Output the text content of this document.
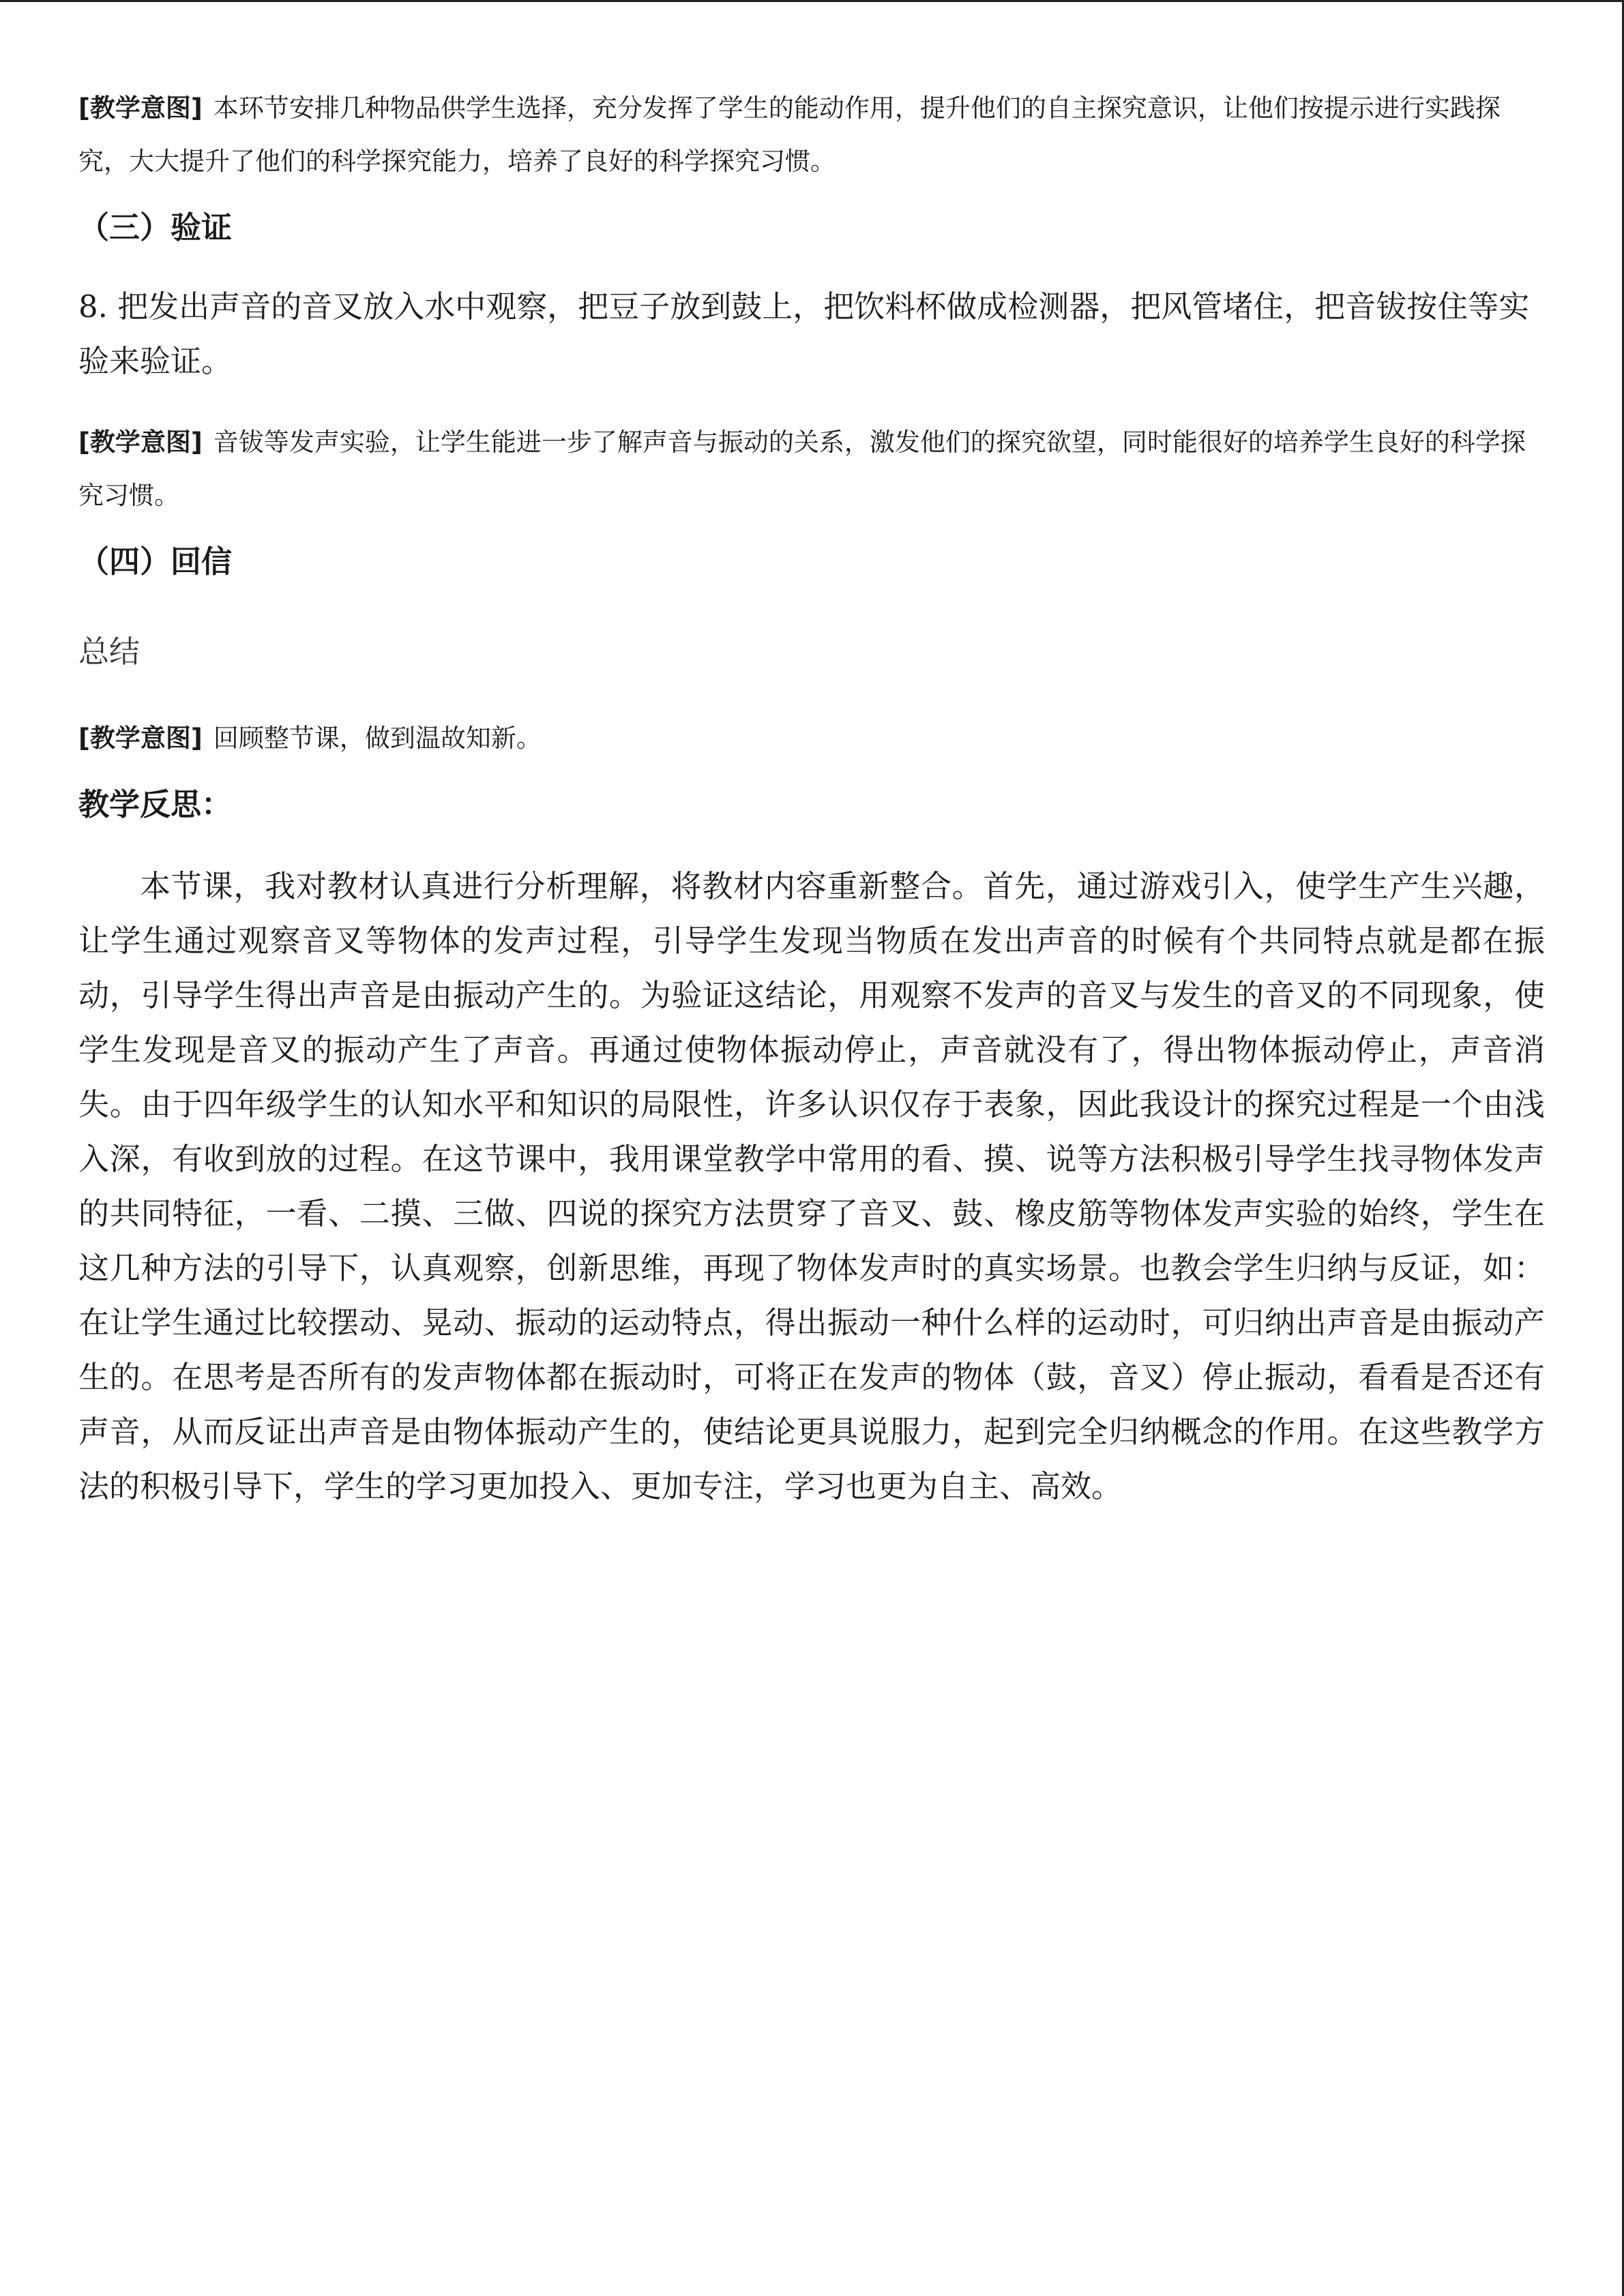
[教学意图] 本环节安排几种物品供学生选择，充分发挥了学生的能动作用，提升他们的自主探究意识，让他们按提示进行实践探究，大大提升了他们的科学探究能力，培养了良好的科学探究习惯。

（三）验证

8. 把发出声音的音叉放入水中观察，把豆子放到鼓上，把饮料杯做成检测器，把风管堵住，把音钹按住等实验来验证。

[教学意图] 音钹等发声实验，让学生能进一步了解声音与振动的关系，激发他们的探究欲望，同时能很好的培养学生良好的科学探究习惯。

（四）回信

总结

[教学意图] 回顾整节课，做到温故知新。

教学反思：

本节课，我对教材认真进行分析理解，将教材内容重新整合。首先，通过游戏引入，使学生产生兴趣，让学生通过观察音叉等物体的发声过程，引导学生发现当物质在发出声音的时候有个共同特点就是都在振动，引导学生得出声音是由振动产生的。为验证这结论，用观察不发声的音叉与发生的音叉的不同现象，使学生发现是音叉的振动产生了声音。再通过使物体振动停止，声音就没有了，得出物体振动停止，声音消失。由于四年级学生的认知水平和知识的局限性，许多认识仅存于表象，因此我设计的探究过程是一个由浅入深，有收到放的过程。在这节课中，我用课堂教学中常用的看、摸、说等方法积极引导学生找寻物体发声的共同特征，一看、二摸、三做、四说的探究方法贯穿了音叉、鼓、橡皮筋等物体发声实验的始终，学生在这几种方法的引导下，认真观察，创新思维，再现了物体发声时的真实场景。也教会学生归纳与反证，如：在让学生通过比较摆动、晃动、振动的运动特点，得出振动一种什么样的运动时，可归纳出声音是由振动产生的。在思考是否所有的发声物体都在振动时，可将正在发声的物体（鼓，音叉）停止振动，看看是否还有声音，从而反证出声音是由物体振动产生的，使结论更具说服力，起到完全归纳概念的作用。在这些教学方法的积极引导下，学生的学习更加投入、更加专注，学习也更为自主、高效。
